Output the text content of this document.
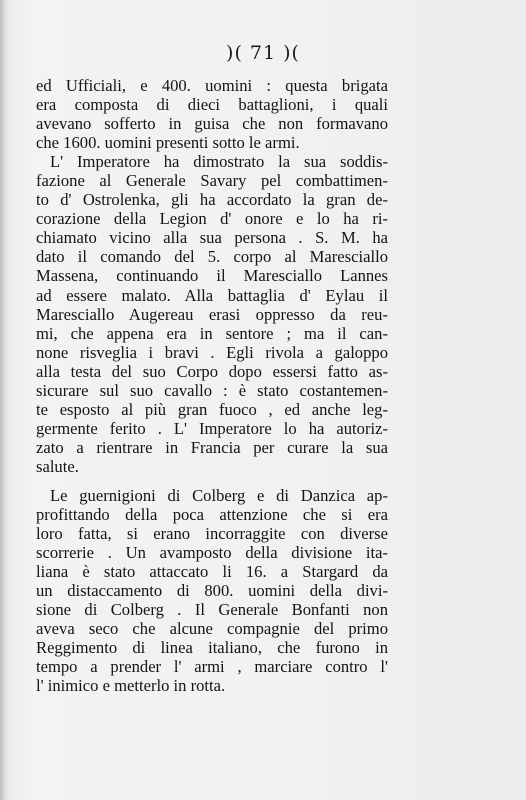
)( 71 )(
ed Ufficiali, e 400. uomini : questa brigata
era composta di dieci battaglioni, i quali
avevano sofferto in guisa che non formavano
che 1600. uomini presenti sotto le armi.
L' Imperatore ha dimostrato la sua soddis-
fazione al Generale Savary pel combattimen-
to d' Ostrolenka, gli ha accordato la gran de-
corazione della Legion d' onore e lo ha ri-
chiamato vicino alla sua persona . S. M. ha
dato il comando del 5. corpo al Maresciallo
Massena, continuando il Maresciallo Lannes
ad essere malato. Alla battaglia d' Eylau il
Maresciallo Augereau erasi oppresso da reu-
mi, che appena era in sentore ; ma il can-
none risveglia i bravi . Egli rivola a galoppo
alla testa del suo Corpo dopo essersi fatto as-
sicurare sul suo cavallo : è stato costantemen-
te esposto al più gran fuoco , ed anche leg-
germente ferito . L' Imperatore lo ha autoriz-
zato a rientrare in Francia per curare la sua
salute.
Le guernigioni di Colberg e di Danzica ap-
profittando della poca attenzione che si era
loro fatta, si erano incorraggite con diverse
scorrerie . Un avamposto della divisione ita-
liana è stato attaccato li 16. a Stargard da
un distaccamento di 800. uomini della divi-
sione di Colberg . Il Generale Bonfanti non
aveva seco che alcune compagnie del primo
Reggimento di linea italiano, che furono in
tempo a prender l' armi , marciare contro l'
l' inimico e metterlo in rotta.
